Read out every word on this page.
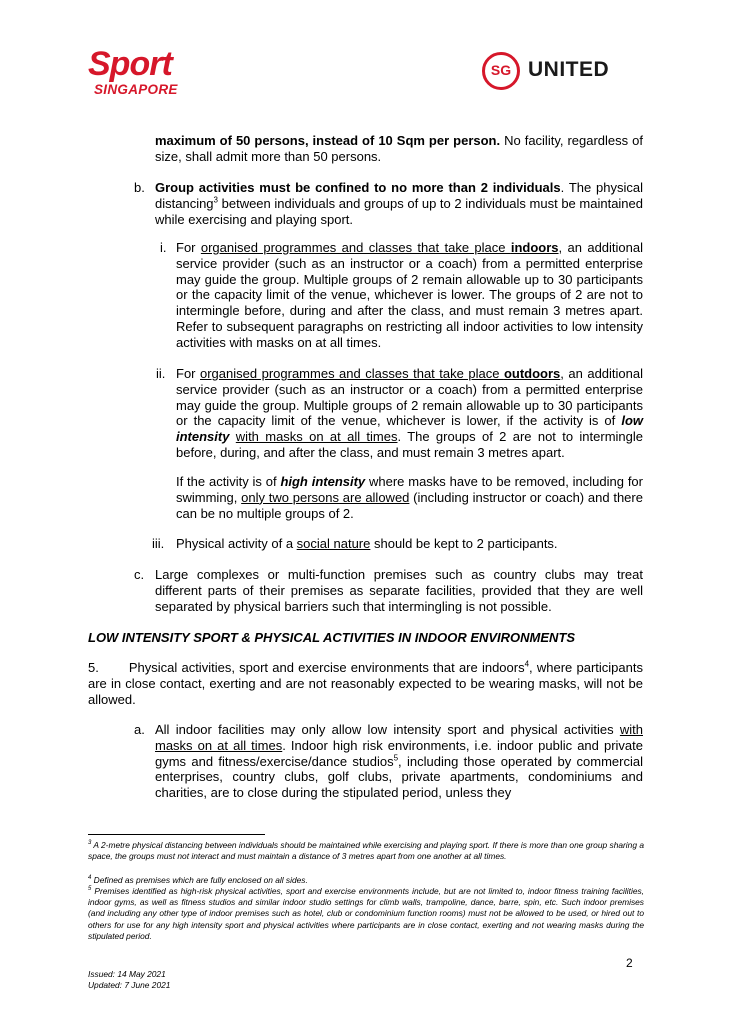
Sport
SINGAPORE
SG UNITED

maximum of 50 persons, instead of 10 Sqm per person. No facility, regardless of size, shall admit more than 50 persons.

b. Group activities must be confined to no more than 2 individuals. The physical distancing$^3$ between individuals and groups of up to 2 individuals must be maintained while exercising and playing sport.

i. For organised programmes and classes that take place indoors, an additional service provider (such as an instructor or a coach) from a permitted enterprise may guide the group. Multiple groups of 2 remain allowable up to 30 participants or the capacity limit of the venue, whichever is lower. The groups of 2 are not to intermingle before, during and after the class, and must remain 3 metres apart. Refer to subsequent paragraphs on restricting all indoor activities to low intensity activities with masks on at all times.

ii. For organised programmes and classes that take place outdoors, an additional service provider (such as an instructor or a coach) from a permitted enterprise may guide the group. Multiple groups of 2 remain allowable up to 30 participants or the capacity limit of the venue, whichever is lower, if the activity is of low intensity with masks on at all times. The groups of 2 are not to intermingle before, during, and after the class, and must remain 3 metres apart.

If the activity is of high intensity where masks have to be removed, including for swimming, only two persons are allowed (including instructor or coach) and there can be no multiple groups of 2.

iii. Physical activity of a social nature should be kept to 2 participants.

c. Large complexes or multi-function premises such as country clubs may treat different parts of their premises as separate facilities, provided that they are well separated by physical barriers such that intermingling is not possible.

LOW INTENSITY SPORT & PHYSICAL ACTIVITIES IN INDOOR ENVIRONMENTS

5. Physical activities, sport and exercise environments that are indoors$^4$, where participants are in close contact, exerting and are not reasonably expected to be wearing masks, will not be allowed.

a. All indoor facilities may only allow low intensity sport and physical activities with masks on at all times. Indoor high risk environments, i.e. indoor public and private gyms and fitness/exercise/dance studios$^5$, including those operated by commercial enterprises, country clubs, golf clubs, private apartments, condominiums and charities, are to close during the stipulated period, unless they

$^3$ A 2-metre physical distancing between individuals should be maintained while exercising and playing sport. If there is more than one group sharing a space, the groups must not interact and must maintain a distance of 3 metres apart from one another at all times.
$^4$ Defined as premises which are fully enclosed on all sides.
$^5$ Premises identified as high-risk physical activities, sport and exercise environments include, but are not limited to, indoor fitness training facilities, indoor gyms, as well as fitness studios and similar indoor studio settings for climb walls, trampoline, dance, barre, spin, etc. Such indoor premises (and including any other type of indoor premises such as hotel, club or condominium function rooms) must not be allowed to be used, or hired out to others for use for any high intensity sport and physical activities where participants are in close contact, exerting and not wearing masks during the stipulated period.
2
Issued: 14 May 2021
Updated: 7 June 2021
